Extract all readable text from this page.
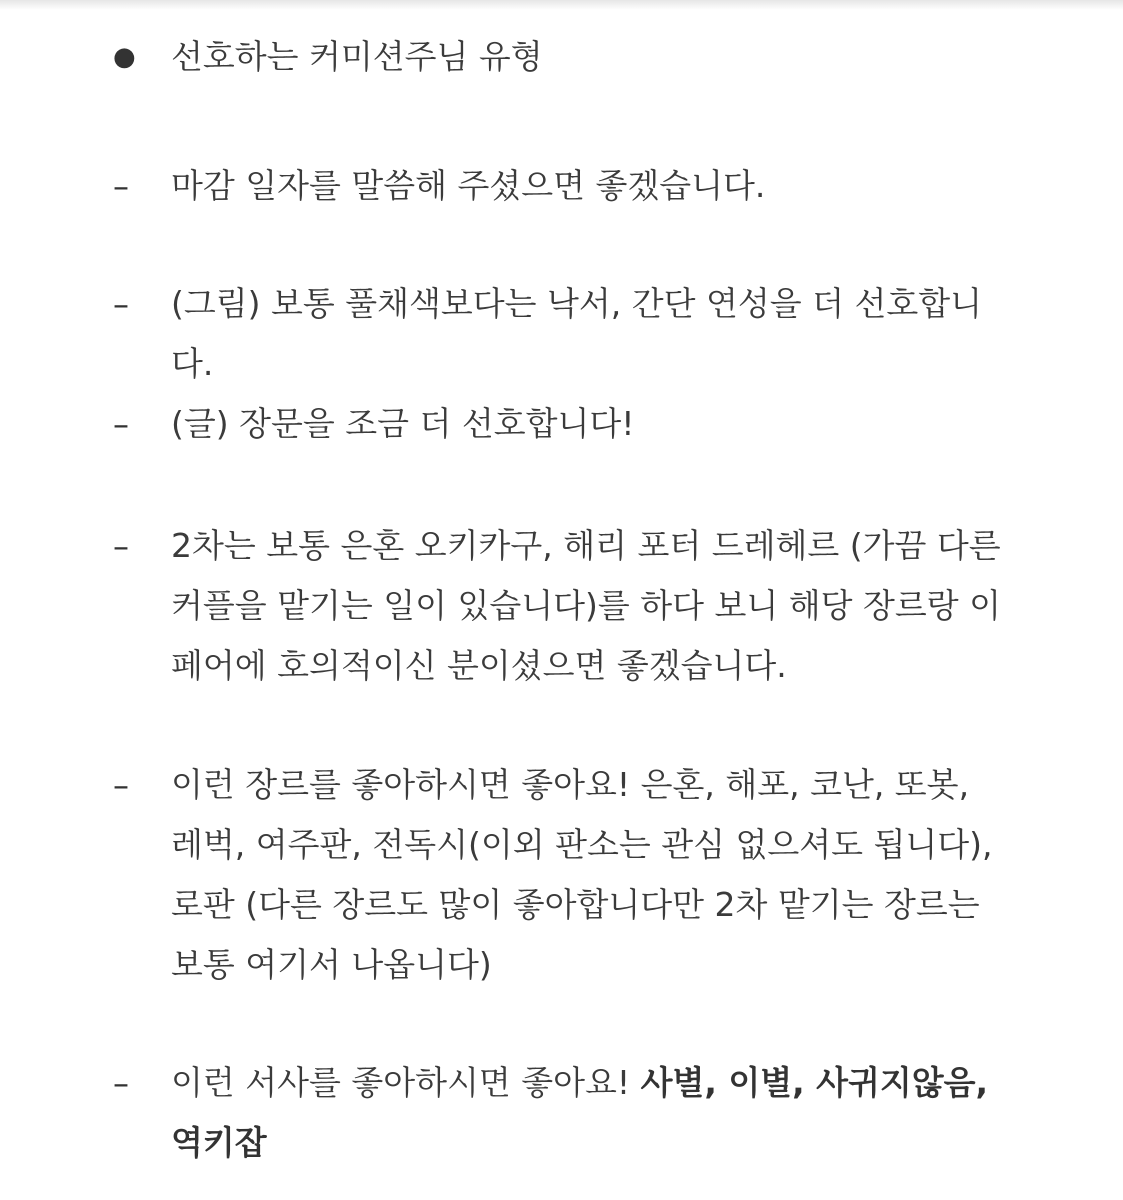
● 선호하는 커미션주님 유형
–	마감 일자를 말씀해 주셨으면 좋겠습니다.
–	(그림) 보통 풀채색보다는 낙서, 간단 연성을 더 선호합니
다.
–	(글) 장문을 조금 더 선호합니다!
–	2차는 보통 은혼 오키카구, 해리 포터 드레헤르 (가끔 다른
커플을 맡기는 일이 있습니다)를 하다 보니 해당 장르랑 이
페어에 호의적이신 분이셨으면 좋겠습니다.
–	이런 장르를 좋아하시면 좋아요! 은혼, 해포, 코난, 또봇,
레벅, 여주판, 전독시(이외 판소는 관심 없으셔도 됩니다),
로판 (다른 장르도 많이 좋아합니다만 2차 맡기는 장르는
보통 여기서 나옵니다)
–	이런 서사를 좋아하시면 좋아요! 사별, 이별, 사귀지않음,
역키잡
